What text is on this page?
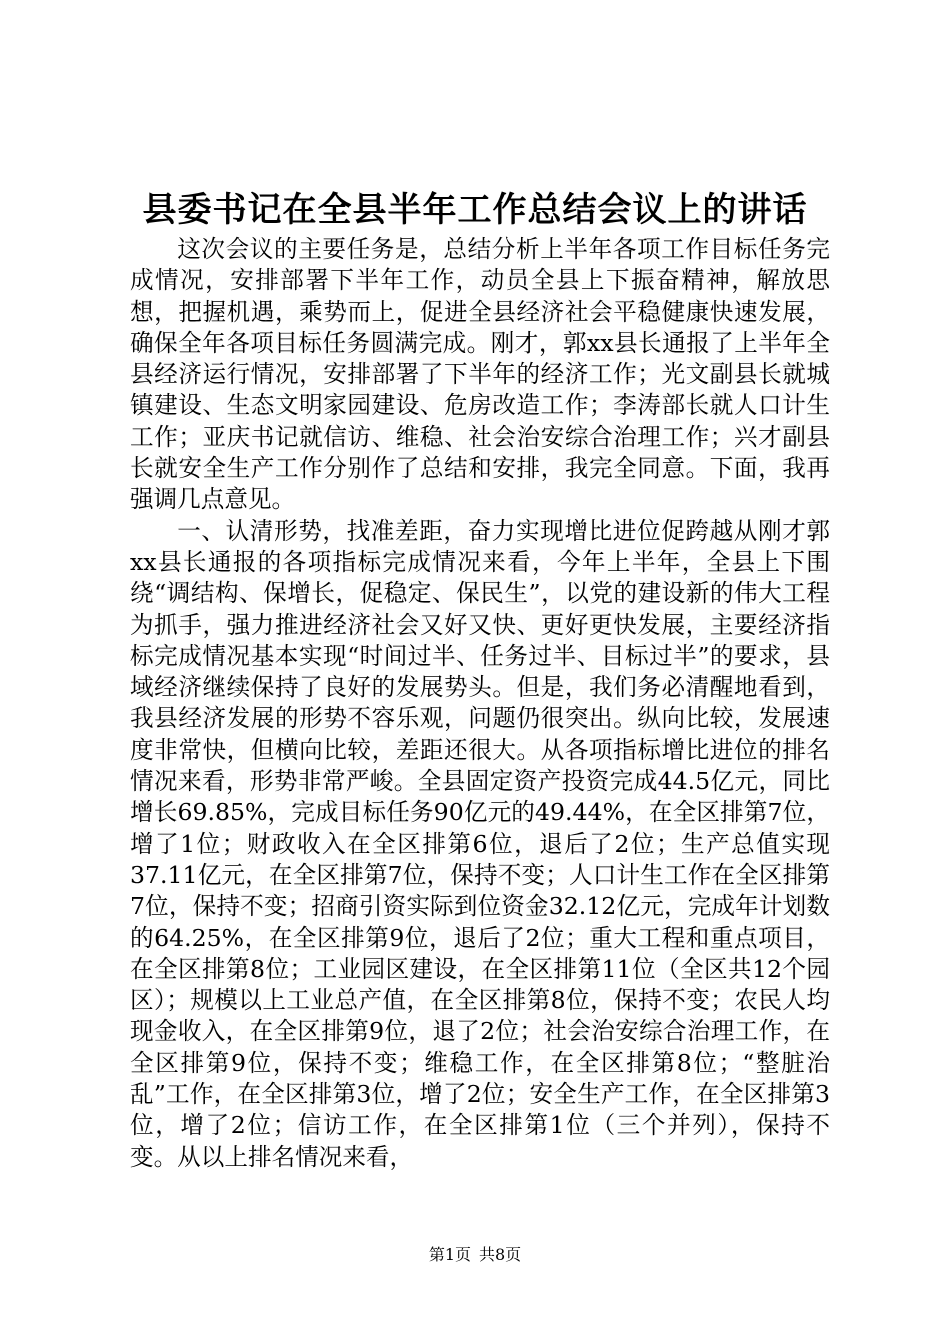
县委书记在全县半年工作总结会议上的讲话

这次会议的主要任务是，总结分析上半年各项工作目标任务完成情况，安排部署下半年工作，动员全县上下振奋精神，解放思想，把握机遇，乘势而上，促进全县经济社会平稳健康快速发展，确保全年各项目标任务圆满完成。刚才，郭xx县长通报了上半年全县经济运行情况，安排部署了下半年的经济工作；光文副县长就城镇建设、生态文明家园建设、危房改造工作；李涛部长就人口计生工作；亚庆书记就信访、维稳、社会治安综合治理工作；兴才副县长就安全生产工作分别作了总结和安排，我完全同意。下面，我再强调几点意见。

一、认清形势，找准差距，奋力实现增比进位促跨越从刚才郭xx县长通报的各项指标完成情况来看，今年上半年，全县上下围绕“调结构、保增长，促稳定、保民生”，以党的建设新的伟大工程为抓手，强力推进经济社会又好又快、更好更快发展，主要经济指标完成情况基本实现“时间过半、任务过半、目标过半”的要求，县域经济继续保持了良好的发展势头。但是，我们务必清醒地看到，我县经济发展的形势不容乐观，问题仍很突出。纵向比较，发展速度非常快，但横向比较，差距还很大。从各项指标增比进位的排名情况来看，形势非常严峻。全县固定资产投资完成44.5亿元，同比增长69.85%，完成目标任务90亿元的49.44%，在全区排第7位，增了1位；财政收入在全区排第6位，退后了2位；生产总值实现37.11亿元，在全区排第7位，保持不变；人口计生工作在全区排第7位，保持不变；招商引资实际到位资金32.12亿元，完成年计划数的64.25%，在全区排第9位，退后了2位；重大工程和重点项目，在全区排第8位；工业园区建设，在全区排第11位（全区共12个园区）；规模以上工业总产值，在全区排第8位，保持不变；农民人均现金收入，在全区排第9位，退了2位；社会治安综合治理工作，在全区排第9位，保持不变；维稳工作，在全区排第8位；“整脏治乱”工作，在全区排第3位，增了2位；安全生产工作，在全区排第3位，增了2位；信访工作，在全区排第1位（三个并列），保持不变。从以上排名情况来看，

第1页 共8页
